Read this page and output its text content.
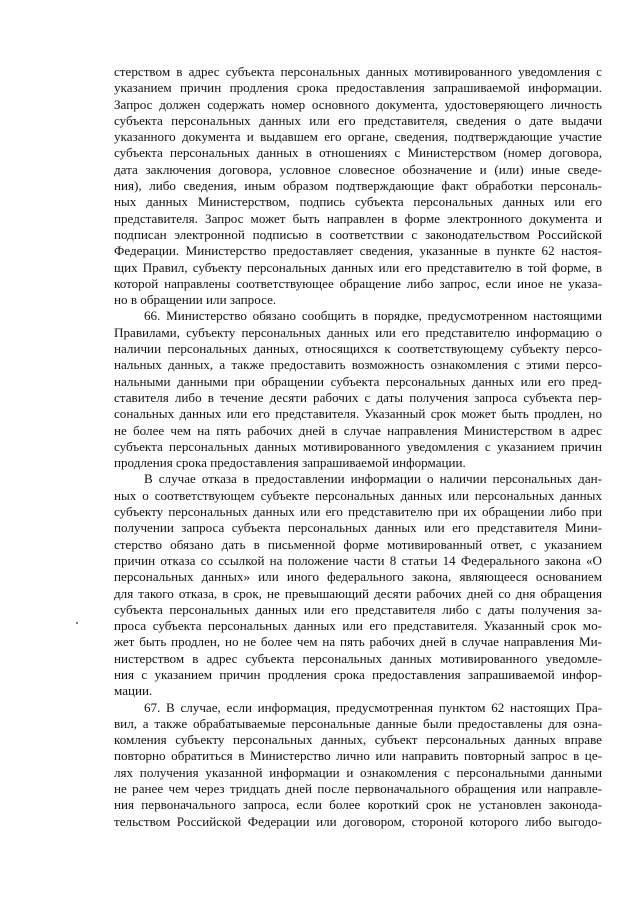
стерством в адрес субъекта персональных данных мотивированного уведомления с
указанием причин продления срока предоставления запрашиваемой информации.
Запрос должен содержать номер основного документа, удостоверяющего личность
субъекта персональных данных или его представителя, сведения о дате выдачи
указанного документа и выдавшем его органе, сведения, подтверждающие участие
субъекта персональных данных в отношениях с Министерством (номер договора,
дата заключения договора, условное словесное обозначение и (или) иные сведе-
ния), либо сведения, иным образом подтверждающие факт обработки персональ-
ных данных Министерством, подпись субъекта персональных данных или его
представителя. Запрос может быть направлен в форме электронного документа и
подписан электронной подписью в соответствии с законодательством Российской
Федерации. Министерство предоставляет сведения, указанные в пункте 62 настоя-
щих Правил, субъекту персональных данных или его представителю в той форме, в
которой направлены соответствующее обращение либо запрос, если иное не указа-
но в обращении или запросе.
66. Министерство обязано сообщить в порядке, предусмотренном настоящими
Правилами, субъекту персональных данных или его представителю информацию о
наличии персональных данных, относящихся к соответствующему субъекту персо-
нальных данных, а также предоставить возможность ознакомления с этими персо-
нальными данными при обращении субъекта персональных данных или его пред-
ставителя либо в течение десяти рабочих с даты получения запроса субъекта пер-
сональных данных или его представителя. Указанный срок может быть продлен, но
не более чем на пять рабочих дней в случае направления Министерством в адрес
субъекта персональных данных мотивированного уведомления с указанием причин
продления срока предоставления запрашиваемой информации.
В случае отказа в предоставлении информации о наличии персональных дан-
ных о соответствующем субъекте персональных данных или персональных данных
субъекту персональных данных или его представителю при их обращении либо при
получении запроса субъекта персональных данных или его представителя Мини-
стерство обязано дать в письменной форме мотивированный ответ, с указанием
причин отказа со ссылкой на положение части 8 статьи 14 Федерального закона «О
персональных данных» или иного федерального закона, являющееся основанием
для такого отказа, в срок, не превышающий десяти рабочих дней со дня обращения
субъекта персональных данных или его представителя либо с даты получения за-
проса субъекта персональных данных или его представителя. Указанный срок мо-
жет быть продлен, но не более чем на пять рабочих дней в случае направления Ми-
нистерством в адрес субъекта персональных данных мотивированного уведомле-
ния с указанием причин продления срока предоставления запрашиваемой инфор-
мации.
67. В случае, если информация, предусмотренная пунктом 62 настоящих Пра-
вил, а также обрабатываемые персональные данные были предоставлены для озна-
комления субъекту персональных данных, субъект персональных данных вправе
повторно обратиться в Министерство лично или направить повторный запрос в це-
лях получения указанной информации и ознакомления с персональными данными
не ранее чем через тридцать дней после первоначального обращения или направле-
ния первоначального запроса, если более короткий срок не установлен законода-
тельством Российской Федерации или договором, стороной которого либо выгодо-
